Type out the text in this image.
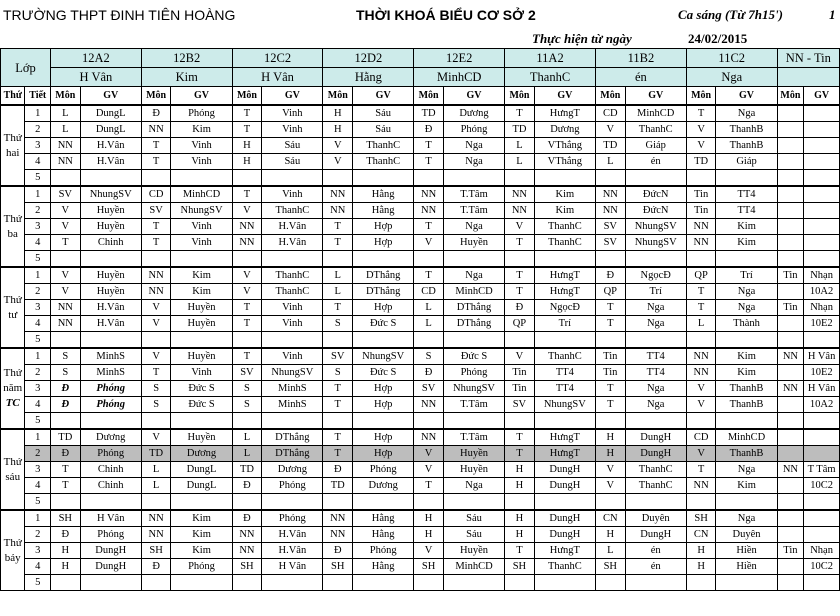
TRƯỜNG THPT ĐINH TIÊN HOÀNG	THỜI KHOÁ BIỂU CƠ SỞ 2	Ca sáng (Từ 7h15')	1
Thực hiện từ ngày	24/02/2015
Lớp		12A2		12B2		12C2		12D2		12E2		11A2		11B2		11C2		NN - Tin	
		H Vân		Kim		H Vân		Hằng		MinhCD		ThanhC		én		Nga			
Thứ	Tiết	Môn	GV	Môn	GV	Môn	GV	Môn	GV	Môn	GV	Môn	GV	Môn	GV	Môn	GV	Môn	GV

Thứ
hai	1	L	DungL	Đ	Phóng	T	Vinh	H	Sáu	TD	Dương	T	HưngT	CD	MinhCD	T	Nga		
	2	L	DungL	NN	Kim	T	Vinh	H	Sáu	Đ	Phóng	TD	Dương	V	ThanhC	V	ThanhB		
	3	NN	H.Vân	T	Vinh	H	Sáu	V	ThanhC	T	Nga	L	VThắng	TD	Giáp	V	ThanhB		
	4	NN	H.Vân	T	Vinh	H	Sáu	V	ThanhC	T	Nga	L	VThắng	L	én	TD	Giáp		
	5																		

Thứ
ba	1	SV	NhungSV	CD	MinhCD	T	Vinh	NN	Hằng	NN	T.Tâm	NN	Kim	NN	ĐứcN	Tin	TT4		
	2	V	Huyền	SV	NhungSV	V	ThanhC	NN	Hằng	NN	T.Tâm	NN	Kim	NN	ĐứcN	Tin	TT4		
	3	V	Huyền	T	Vinh	NN	H.Vân	T	Hợp	T	Nga	V	ThanhC	SV	NhungSV	NN	Kim		
	4	T	Chinh	T	Vinh	NN	H.Vân	T	Hợp	V	Huyền	T	ThanhC	SV	NhungSV	NN	Kim		
	5																		

Thứ
tư	1	V	Huyền	NN	Kim	V	ThanhC	L	DThắng	T	Nga	T	HưngT	Đ	NgọcĐ	QP	Trí	Tin	Nhạn
	2	V	Huyền	NN	Kim	V	ThanhC	L	DThắng	CD	MinhCD	T	HưngT	QP	Trí	T	Nga		10A2
	3	NN	H.Vân	V	Huyền	T	Vinh	T	Hợp	L	DThắng	Đ	NgọcĐ	T	Nga	T	Nga	Tin	Nhạn
	4	NN	H.Vân	V	Huyền	T	Vinh	S	Đức S	L	DThắng	QP	Trí	T	Nga	L	Thành		10E2
	5																		

Thứ
năm
TC	1	S	MinhS	V	Huyền	T	Vinh	SV	NhungSV	S	Đức S	V	ThanhC	Tin	TT4	NN	Kim	NN	H Vân
	2	S	MinhS	T	Vinh	SV	NhungSV	S	Đức S	Đ	Phóng	Tin	TT4	Tin	TT4	NN	Kim		10E2
	3	Đ	Phóng	S	Đức S	S	MinhS	T	Hợp	SV	NhungSV	Tin	TT4	T	Nga	V	ThanhB	NN	H Vân
	4	Đ	Phóng	S	Đức S	S	MinhS	T	Hợp	NN	T.Tâm	SV	NhungSV	T	Nga	V	ThanhB		10A2
	5																		

Thứ
sáu	1	TD	Dương	V	Huyền	L	DThắng	T	Hợp	NN	T.Tâm	T	HưngT	H	DungH	CD	MinhCD		
	2	Đ	Phóng	TD	Dương	L	DThắng	T	Hợp	V	Huyền	T	HưngT	H	DungH	V	ThanhB		
	3	T	Chinh	L	DungL	TD	Dương	Đ	Phóng	V	Huyền	H	DungH	V	ThanhC	T	Nga	NN	T Tâm
	4	T	Chinh	L	DungL	Đ	Phóng	TD	Dương	T	Nga	H	DungH	V	ThanhC	NN	Kim		10C2
	5																		

Thứ
bảy	1	SH	H Vân	NN	Kim	Đ	Phóng	NN	Hằng	H	Sáu	H	DungH	CN	Duyên	SH	Nga		
	2	Đ	Phóng	NN	Kim	NN	H.Vân	NN	Hằng	H	Sáu	H	DungH	H	DungH	CN	Duyên		
	3	H	DungH	SH	Kim	NN	H.Vân	Đ	Phóng	V	Huyền	T	HưngT	L	én	H	Hiền	Tin	Nhạn
	4	H	DungH	Đ	Phóng	SH	H Vân	SH	Hằng	SH	MinhCD	SH	ThanhC	SH	én	H	Hiền		10C2
	5																		
